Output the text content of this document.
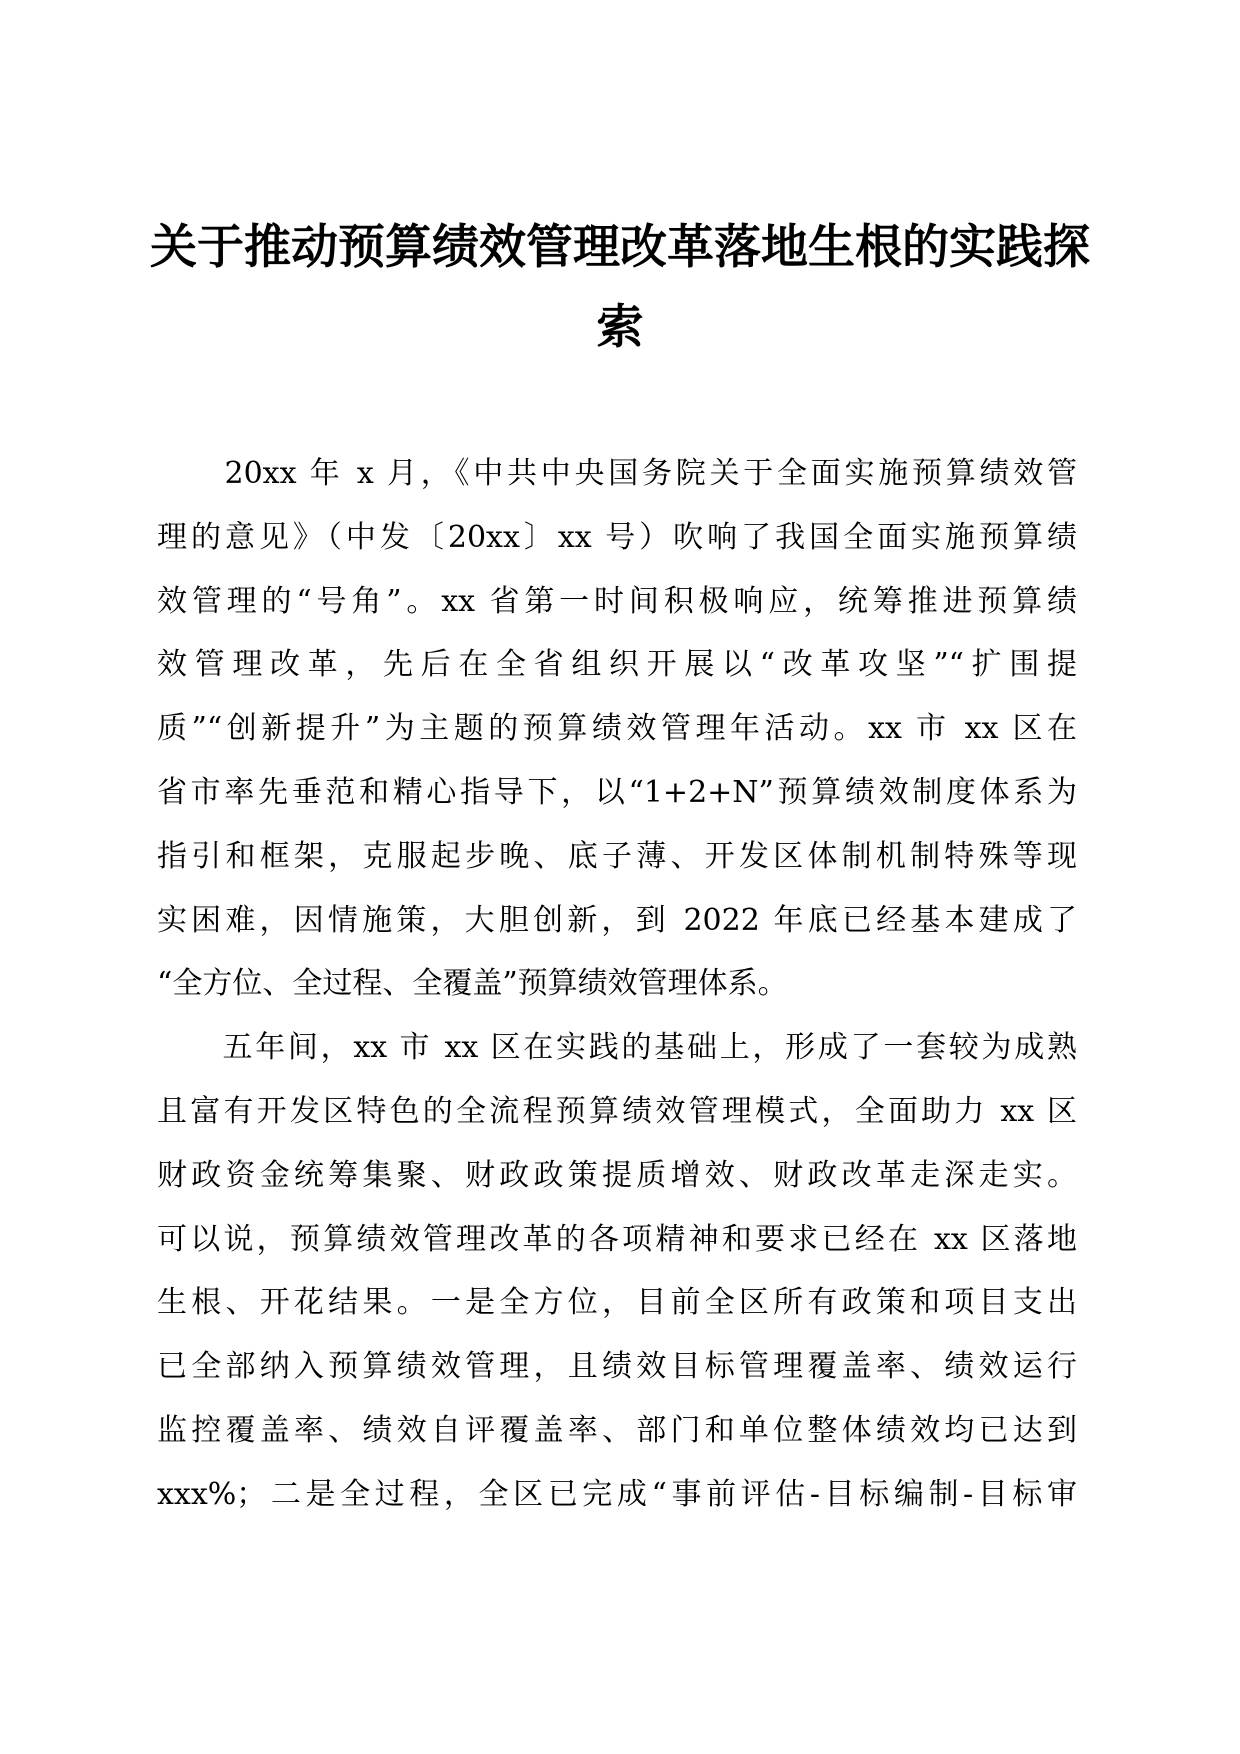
关于推动预算绩效管理改革落地生根的实践探
索
　　20xx 年 x 月，《中共中央国务院关于全面实施预算绩效管
理的意见》（中发〔20xx〕xx 号）吹响了我国全面实施预算绩
效管理的“号角”。xx 省第一时间积极响应，统筹推进预算绩
效管理改革，先后在全省组织开展以“改革攻坚”“扩围提
质”“创新提升”为主题的预算绩效管理年活动。xx 市 xx 区在
省市率先垂范和精心指导下，以“1+2+N”预算绩效制度体系为
指引和框架，克服起步晚、底子薄、开发区体制机制特殊等现
实困难，因情施策，大胆创新，到 2022 年底已经基本建成了
“全方位、全过程、全覆盖”预算绩效管理体系。
　　五年间，xx 市 xx 区在实践的基础上，形成了一套较为成熟
且富有开发区特色的全流程预算绩效管理模式，全面助力 xx 区
财政资金统筹集聚、财政政策提质增效、财政改革走深走实。
可以说，预算绩效管理改革的各项精神和要求已经在 xx 区落地
生根、开花结果。一是全方位，目前全区所有政策和项目支出
已全部纳入预算绩效管理，且绩效目标管理覆盖率、绩效运行
监控覆盖率、绩效自评覆盖率、部门和单位整体绩效均已达到
xxx%；二是全过程，全区已完成“事前评估-目标编制-目标审
